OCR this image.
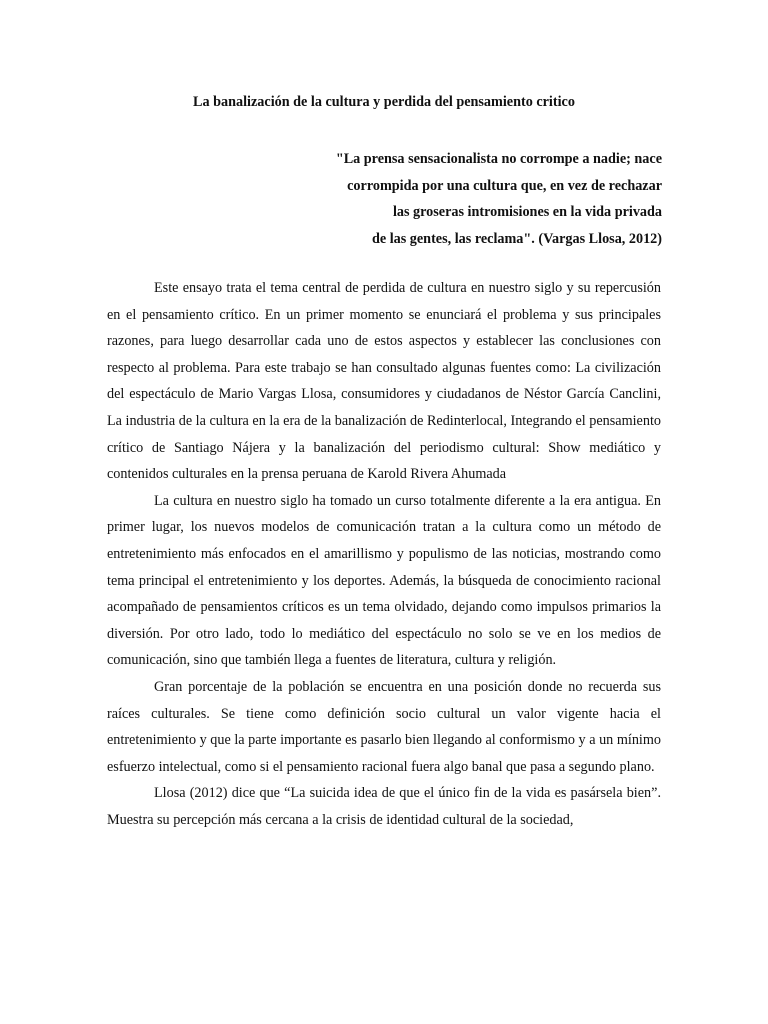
La banalización de la cultura y perdida del pensamiento critico
"La prensa sensacionalista no corrompe a nadie; nace
corrompida por una cultura que, en vez de rechazar
las groseras intromisiones en la vida privada
de las gentes, las reclama". (Vargas Llosa, 2012)

Este ensayo trata el tema central de perdida de cultura en nuestro siglo y su repercusión en el pensamiento crítico. En un primer momento se enunciará el problema y sus principales razones, para luego desarrollar cada uno de estos aspectos y establecer las conclusiones con respecto al problema. Para este trabajo se han consultado algunas fuentes como: La civilización del espectáculo de Mario Vargas Llosa, consumidores y ciudadanos de Néstor García Canclini, La industria de la cultura en la era de la banalización de Redinterlocal, Integrando el pensamiento crítico de Santiago Nájera y la banalización del periodismo cultural: Show mediático y contenidos culturales en la prensa peruana de Karold Rivera Ahumada

La cultura en nuestro siglo ha tomado un curso totalmente diferente a la era antigua. En primer lugar, los nuevos modelos de comunicación tratan a la cultura como un método de entretenimiento más enfocados en el amarillismo y populismo de las noticias, mostrando como tema principal el entretenimiento y los deportes. Además, la búsqueda de conocimiento racional acompañado de pensamientos críticos es un tema olvidado, dejando como impulsos primarios la diversión. Por otro lado, todo lo mediático del espectáculo no solo se ve en los medios de comunicación, sino que también llega a fuentes de literatura, cultura y religión.

Gran porcentaje de la población se encuentra en una posición donde no recuerda sus raíces culturales. Se tiene como definición socio cultural un valor vigente hacia el entretenimiento y que la parte importante es pasarlo bien llegando al conformismo y a un mínimo esfuerzo intelectual, como si el pensamiento racional fuera algo banal que pasa a segundo plano.

Llosa (2012) dice que “La suicida idea de que el único fin de la vida es pasársela bien”. Muestra su percepción más cercana a la crisis de identidad cultural de la sociedad,
